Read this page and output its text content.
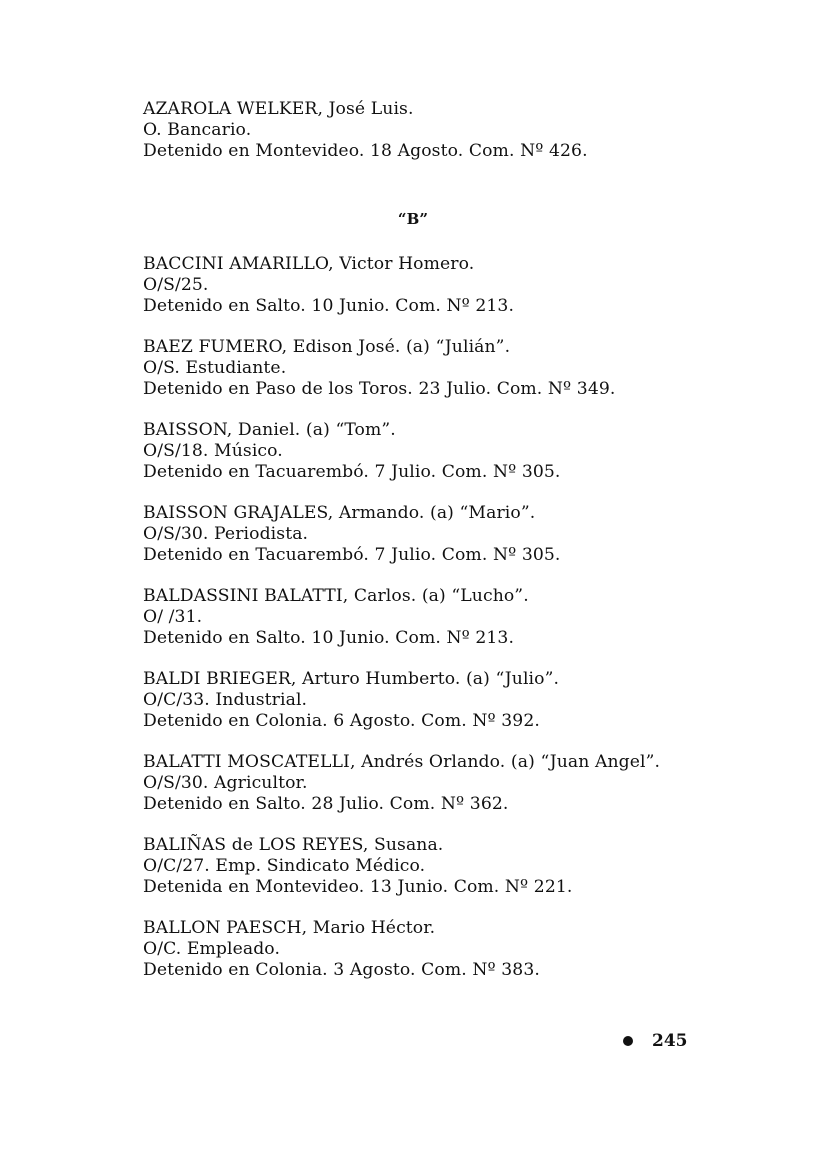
AZAROLA WELKER, José Luis.
O. Bancario.
Detenido en Montevideo. 18 Agosto. Com. Nº 426.
“B”
BACCINI AMARILLO, Victor Homero.
O/S/25.
Detenido en Salto. 10 Junio. Com. Nº 213.
BAEZ FUMERO, Edison José. (a) “Julián”.
O/S. Estudiante.
Detenido en Paso de los Toros. 23 Julio. Com. Nº 349.
BAISSON, Daniel. (a) “Tom”.
O/S/18. Músico.
Detenido en Tacuarembó. 7 Julio. Com. Nº 305.
BAISSON GRAJALES, Armando. (a) “Mario”.
O/S/30. Periodista.
Detenido en Tacuarembó. 7 Julio. Com. Nº 305.
BALDASSINI BALATTI, Carlos. (a) “Lucho”.
O/ /31.
Detenido en Salto. 10 Junio. Com. Nº 213.
BALDI BRIEGER, Arturo Humberto. (a) “Julio”.
O/C/33. Industrial.
Detenido en Colonia. 6 Agosto. Com. Nº 392.
BALATTI MOSCATELLI, Andrés Orlando. (a) “Juan Angel”.
O/S/30. Agricultor.
Detenido en Salto. 28 Julio. Com. Nº 362.
BALIÑAS de LOS REYES, Susana.
O/C/27. Emp. Sindicato Médico.
Detenida en Montevideo. 13 Junio. Com. Nº 221.
BALLON PAESCH, Mario Héctor.
O/C. Empleado.
Detenido en Colonia. 3 Agosto. Com. Nº 383.
245
